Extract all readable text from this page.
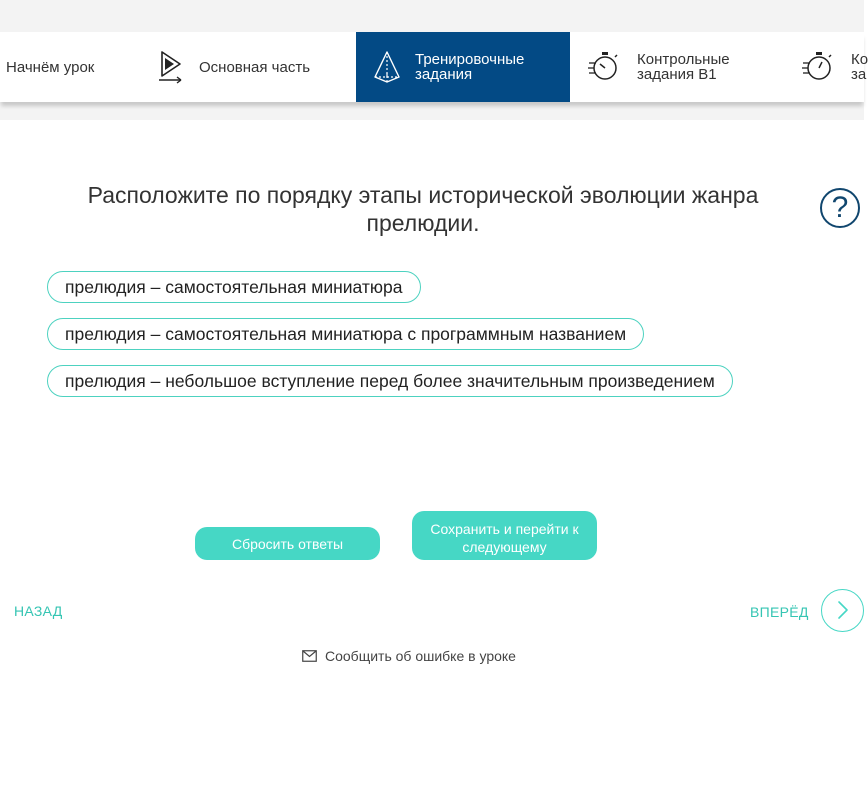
Начнём урок	Основная часть	Тренировочные
задания
Контрольные
задания В1
Ко
за
Расположите по порядку этапы исторической эволюции жанра прелюдии.	?
прелюдия – самостоятельная миниатюра
прелюдия – самостоятельная миниатюра с программным названием
прелюдия – небольшое вступление перед более значительным произведением
Сбросить ответы
Сохранить и перейти к
следующему
НАЗАД	ВПЕРЁД
Сообщить об ошибке в уроке
